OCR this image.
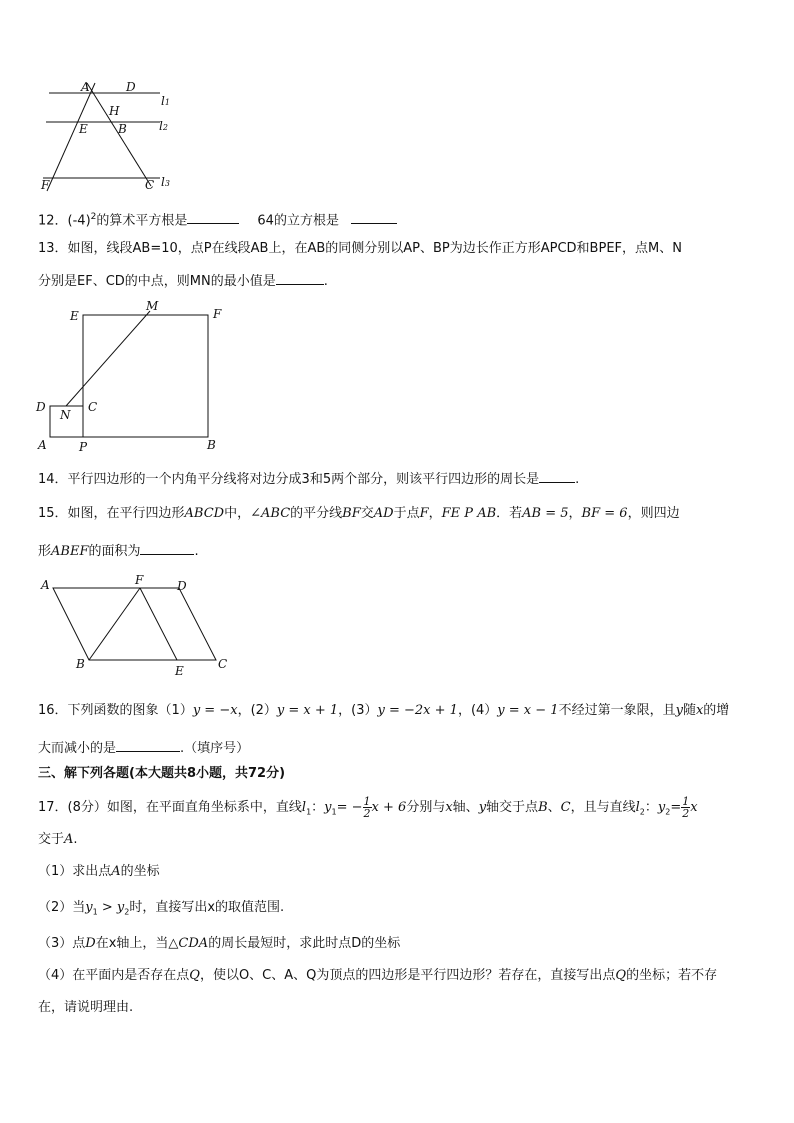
A	D
H
E	B
F	C
l1
l2
l3
12．$(-4)^2$的算术平方根是	64的立方根是
13．如图，线段AB=10，点P在线段AB上，在AB的同侧分别以AP、BP为边长作正方形APCD和BPEF，点M、N
分别是EF、CD的中点，则MN的最小值是	.
E
M
F
D
N
C
A	P	B
14．平行四边形的一个内角平分线将对边分成3和5两个部分，则该平行四边形的周长是	.
15．如图，在平行四边形ABCD中，∠ABC的平分线BF交AD于点F，FE P AB．若AB = 5，BF = 6，则四边
形ABEF的面积为	.
A	F	D
B	E	C
16．下列函数的图象（1）y = −x，(2）y = x + 1，(3）y = −2x + 1，(4）y = x − 1不经过第一象限，且y随x的增
大而减小的是	.（填序号）
三、解下列各题(本大题共8小题，共72分)
17．(8分）如图，在平面直角坐标系中，直线$l_1$：$y_1= - \frac{1}{2}$ x + 6分别与x轴、y轴交于点B、C，且与直线$l_2$：$y_2= \frac{1}{2}$ x
交于A.
（1）求出点A的坐标
（2）当$y_1 > y_2$时，直接写出x的取值范围.
（3）点D在x轴上，当△CDA的周长最短时，求此时点D的坐标
（4）在平面内是否存在点Q，使以O、C、A、Q为顶点的四边形是平行四边形？若存在，直接写出点Q的坐标；若不存
在，请说明理由.
